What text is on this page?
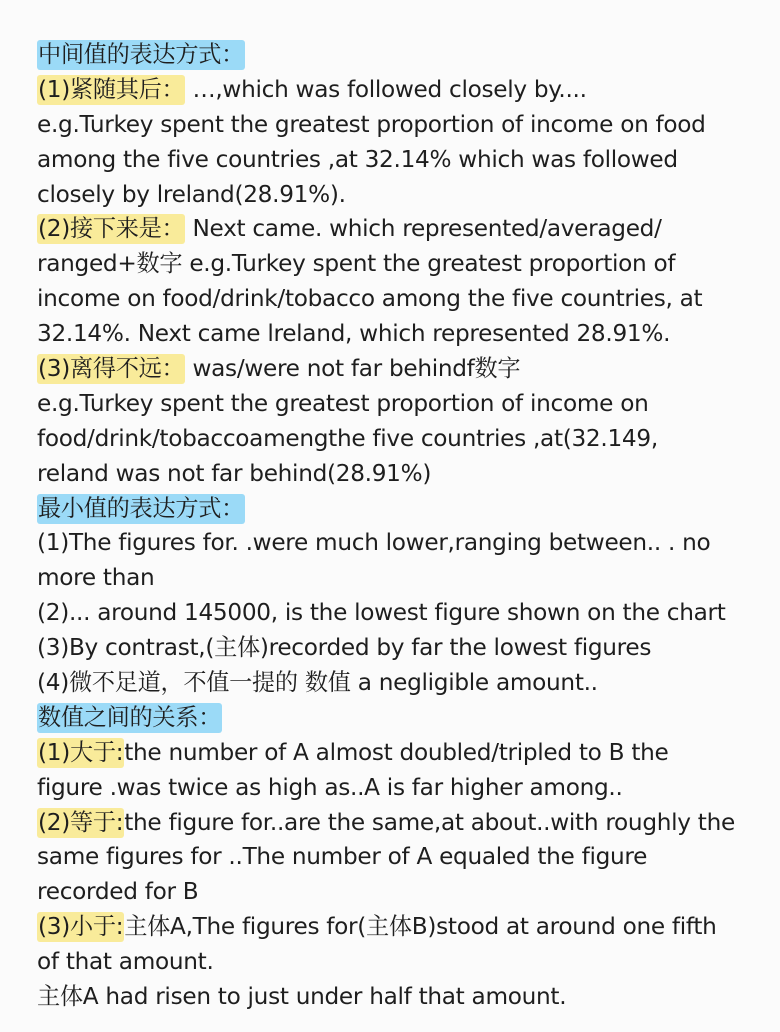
中间值的表达方式：
(1)紧随其后： …,which was followed closely by....
e.g.Turkey spent the greatest proportion of income on food
among the five countries ,at 32.14% which was followed
closely by lreland(28.91%).
(2)接下来是： Next came. which represented/averaged/
ranged+数字 e.g.Turkey spent the greatest proportion of
income on food/drink/tobacco among the five countries, at
32.14%. Next came lreland, which represented 28.91%.
(3)离得不远： was/were not far behindf数字
e.g.Turkey spent the greatest proportion of income on
food/drink/tobaccoamengthe five countries ,at(32.149,
reland was not far behind(28.91%)
最小值的表达方式：
(1)The figures for. .were much lower,ranging between.. . no
more than
(2)... around 145000, is the lowest figure shown on the chart
(3)By contrast,(主体)recorded by far the lowest figures
(4)微不足道，不值一提的 数值 a negligible amount..
数值之间的关系：
(1)大于:the number of A almost doubled/tripled to B the
figure .was twice as high as..A is far higher among..
(2)等于:the figure for..are the same,at about..with roughly the
same figures for ..The number of A equaled the figure
recorded for B
(3)小于:主体A,The figures for(主体B)stood at around one fifth
of that amount.
主体A had risen to just under half that amount.
